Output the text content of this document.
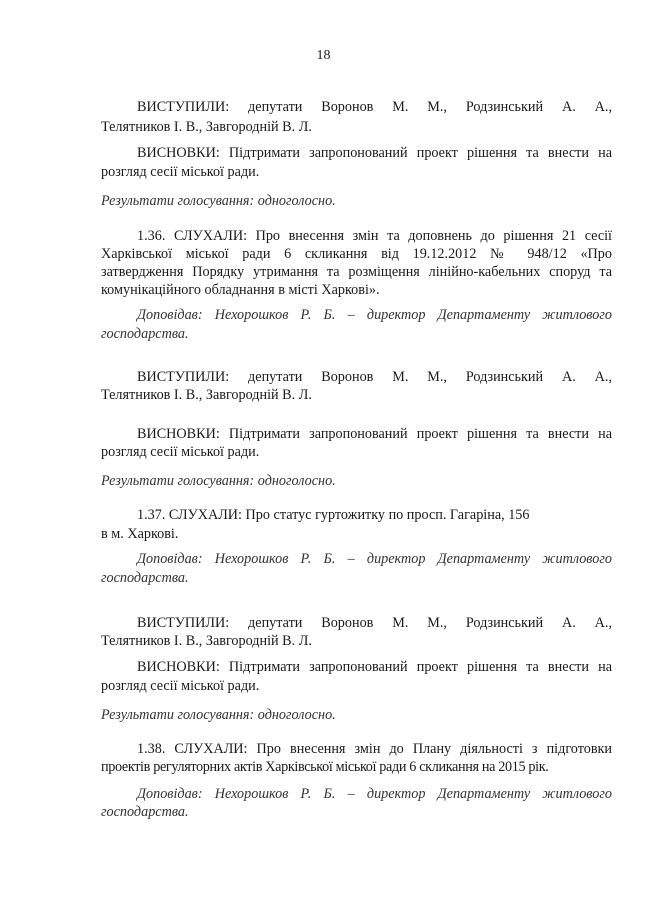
18
ВИСТУПИЛИ: депутати Воронов М. М., Родзинський А. А.,
Телятников І. В., Завгородній В. Л.
ВИСНОВКИ: Підтримати запропонований проект рішення та внести на
розгляд сесії міської ради.
Результати голосування: одноголосно.
1.36. СЛУХАЛИ: Про внесення змін та доповнень до рішення 21 сесії
Харківської міської ради 6 скликання від 19.12.2012 № 948/12 «Про
затвердження Порядку утримання та розміщення лінійно-кабельних споруд та
комунікаційного обладнання в місті Харкові».
Доповідав: Нехорошков Р. Б. – директор Департаменту житлового
господарства.
ВИСТУПИЛИ: депутати Воронов М. М., Родзинський А. А.,
Телятников І. В., Завгородній В. Л.
ВИСНОВКИ: Підтримати запропонований проект рішення та внести на
розгляд сесії міської ради.
Результати голосування: одноголосно.
1.37. СЛУХАЛИ: Про статус гуртожитку по просп. Гагаріна, 156
в м. Харкові.
Доповідав: Нехорошков Р. Б. – директор Департаменту житлового
господарства.
ВИСТУПИЛИ: депутати Воронов М. М., Родзинський А. А.,
Телятников І. В., Завгородній В. Л.
ВИСНОВКИ: Підтримати запропонований проект рішення та внести на
розгляд сесії міської ради.
Результати голосування: одноголосно.
1.38. СЛУХАЛИ: Про внесення змін до Плану діяльності з підготовки
проектів регуляторних актів Харківської міської ради 6 скликання на 2015 рік.
Доповідав: Нехорошков Р. Б. – директор Департаменту житлового
господарства.
